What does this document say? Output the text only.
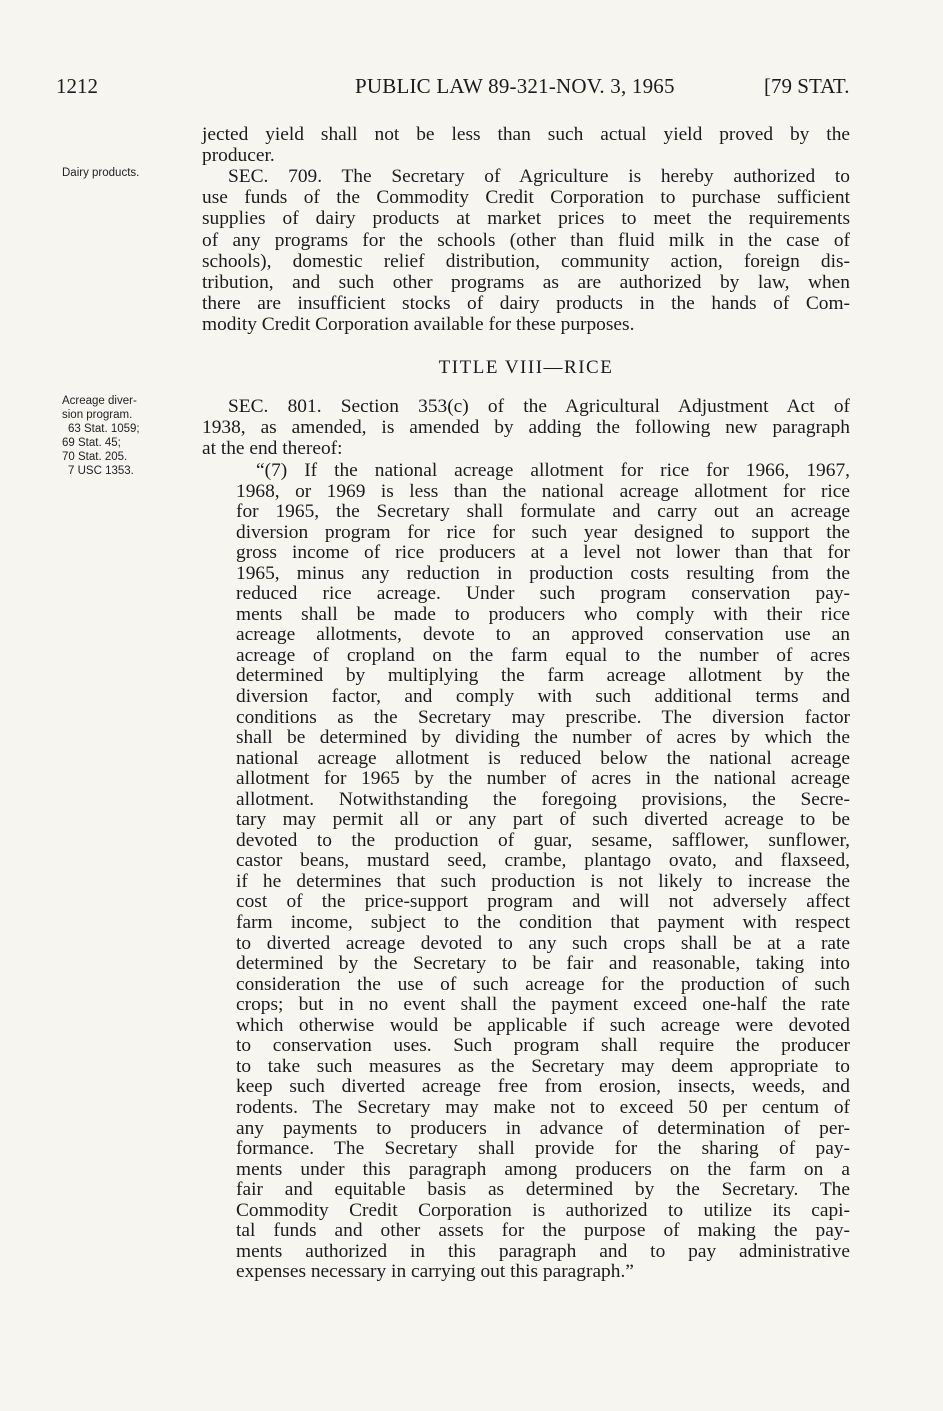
1212	PUBLIC LAW 89-321-NOV. 3, 1965	[79 STAT.
Dairy products.
Acreage diver-
sion program.
63 Stat. 1059;
69 Stat. 45;
70 Stat. 205.
7 USC 1353.
jected yield shall not be less than such actual yield proved by the
producer.
SEC. 709. The Secretary of Agriculture is hereby authorized to
use funds of the Commodity Credit Corporation to purchase sufficient
supplies of dairy products at market prices to meet the requirements
of any programs for the schools (other than fluid milk in the case of
schools), domestic relief distribution, community action, foreign dis-
tribution, and such other programs as are authorized by law, when
there are insufficient stocks of dairy products in the hands of Com-
modity Credit Corporation available for these purposes.
TITLE VIII—RICE
SEC. 801. Section 353(c) of the Agricultural Adjustment Act of
1938, as amended, is amended by adding the following new paragraph
at the end thereof:
“(7) If the national acreage allotment for rice for 1966, 1967,
1968, or 1969 is less than the national acreage allotment for rice
for 1965, the Secretary shall formulate and carry out an acreage
diversion program for rice for such year designed to support the
gross income of rice producers at a level not lower than that for
1965, minus any reduction in production costs resulting from the
reduced rice acreage. Under such program conservation pay-
ments shall be made to producers who comply with their rice
acreage allotments, devote to an approved conservation use an
acreage of cropland on the farm equal to the number of acres
determined by multiplying the farm acreage allotment by the
diversion factor, and comply with such additional terms and
conditions as the Secretary may prescribe. The diversion factor
shall be determined by dividing the number of acres by which the
national acreage allotment is reduced below the national acreage
allotment for 1965 by the number of acres in the national acreage
allotment. Notwithstanding the foregoing provisions, the Secre-
tary may permit all or any part of such diverted acreage to be
devoted to the production of guar, sesame, safflower, sunflower,
castor beans, mustard seed, crambe, plantago ovato, and flaxseed,
if he determines that such production is not likely to increase the
cost of the price-support program and will not adversely affect
farm income, subject to the condition that payment with respect
to diverted acreage devoted to any such crops shall be at a rate
determined by the Secretary to be fair and reasonable, taking into
consideration the use of such acreage for the production of such
crops; but in no event shall the payment exceed one-half the rate
which otherwise would be applicable if such acreage were devoted
to conservation uses. Such program shall require the producer
to take such measures as the Secretary may deem appropriate to
keep such diverted acreage free from erosion, insects, weeds, and
rodents. The Secretary may make not to exceed 50 per centum of
any payments to producers in advance of determination of per-
formance. The Secretary shall provide for the sharing of pay-
ments under this paragraph among producers on the farm on a
fair and equitable basis as determined by the Secretary. The
Commodity Credit Corporation is authorized to utilize its capi-
tal funds and other assets for the purpose of making the pay-
ments authorized in this paragraph and to pay administrative
expenses necessary in carrying out this paragraph.”
